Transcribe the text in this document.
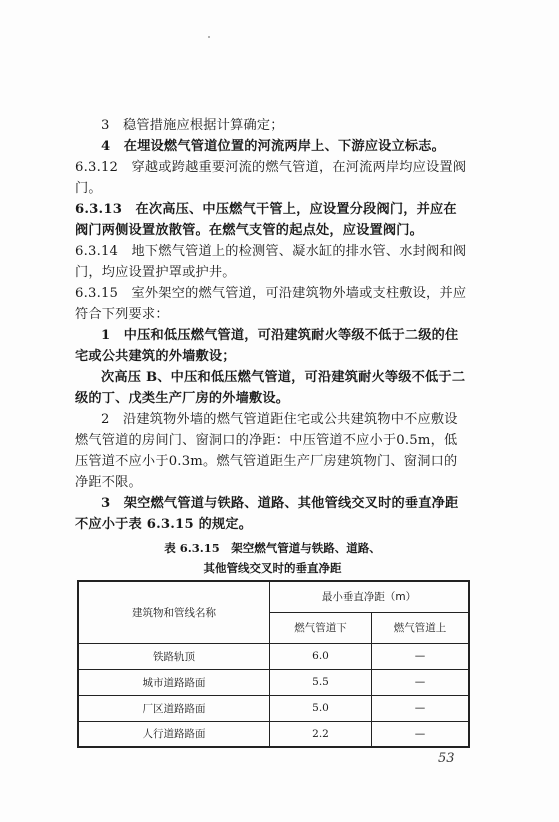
3　稳管措施应根据计算确定；
4　在埋设燃气管道位置的河流两岸上、下游应设立标志。
6.3.12　穿越或跨越重要河流的燃气管道，在河流两岸均应设置阀门。
6.3.13　在次高压、中压燃气干管上，应设置分段阀门，并应在阀门两侧设置放散管。在燃气支管的起点处，应设置阀门。
6.3.14　地下燃气管道上的检测管、凝水缸的排水管、水封阀和阀门，均应设置护罩或护井。
6.3.15　室外架空的燃气管道，可沿建筑物外墙或支柱敷设，并应符合下列要求：
1　中压和低压燃气管道，可沿建筑耐火等级不低于二级的住宅或公共建筑的外墙敷设；
次高压 B、中压和低压燃气管道，可沿建筑耐火等级不低于二级的丁、戊类生产厂房的外墙敷设。
2　沿建筑物外墙的燃气管道距住宅或公共建筑物中不应敷设燃气管道的房间门、窗洞口的净距：中压管道不应小于0.5m，低压管道不应小于0.3m。燃气管道距生产厂房建筑物门、窗洞口的净距不限。
3　架空燃气管道与铁路、道路、其他管线交叉时的垂直净距不应小于表 6.3.15 的规定。
表 6.3.15　架空燃气管道与铁路、道路、
其他管线交叉时的垂直净距
建筑物和管线名称	最小垂直净距（m）	
	燃气管道下	燃气管道上
铁路轨顶	6.0	—
城市道路路面	5.5	—
厂区道路路面	5.0	—
人行道路路面	2.2	—
53
